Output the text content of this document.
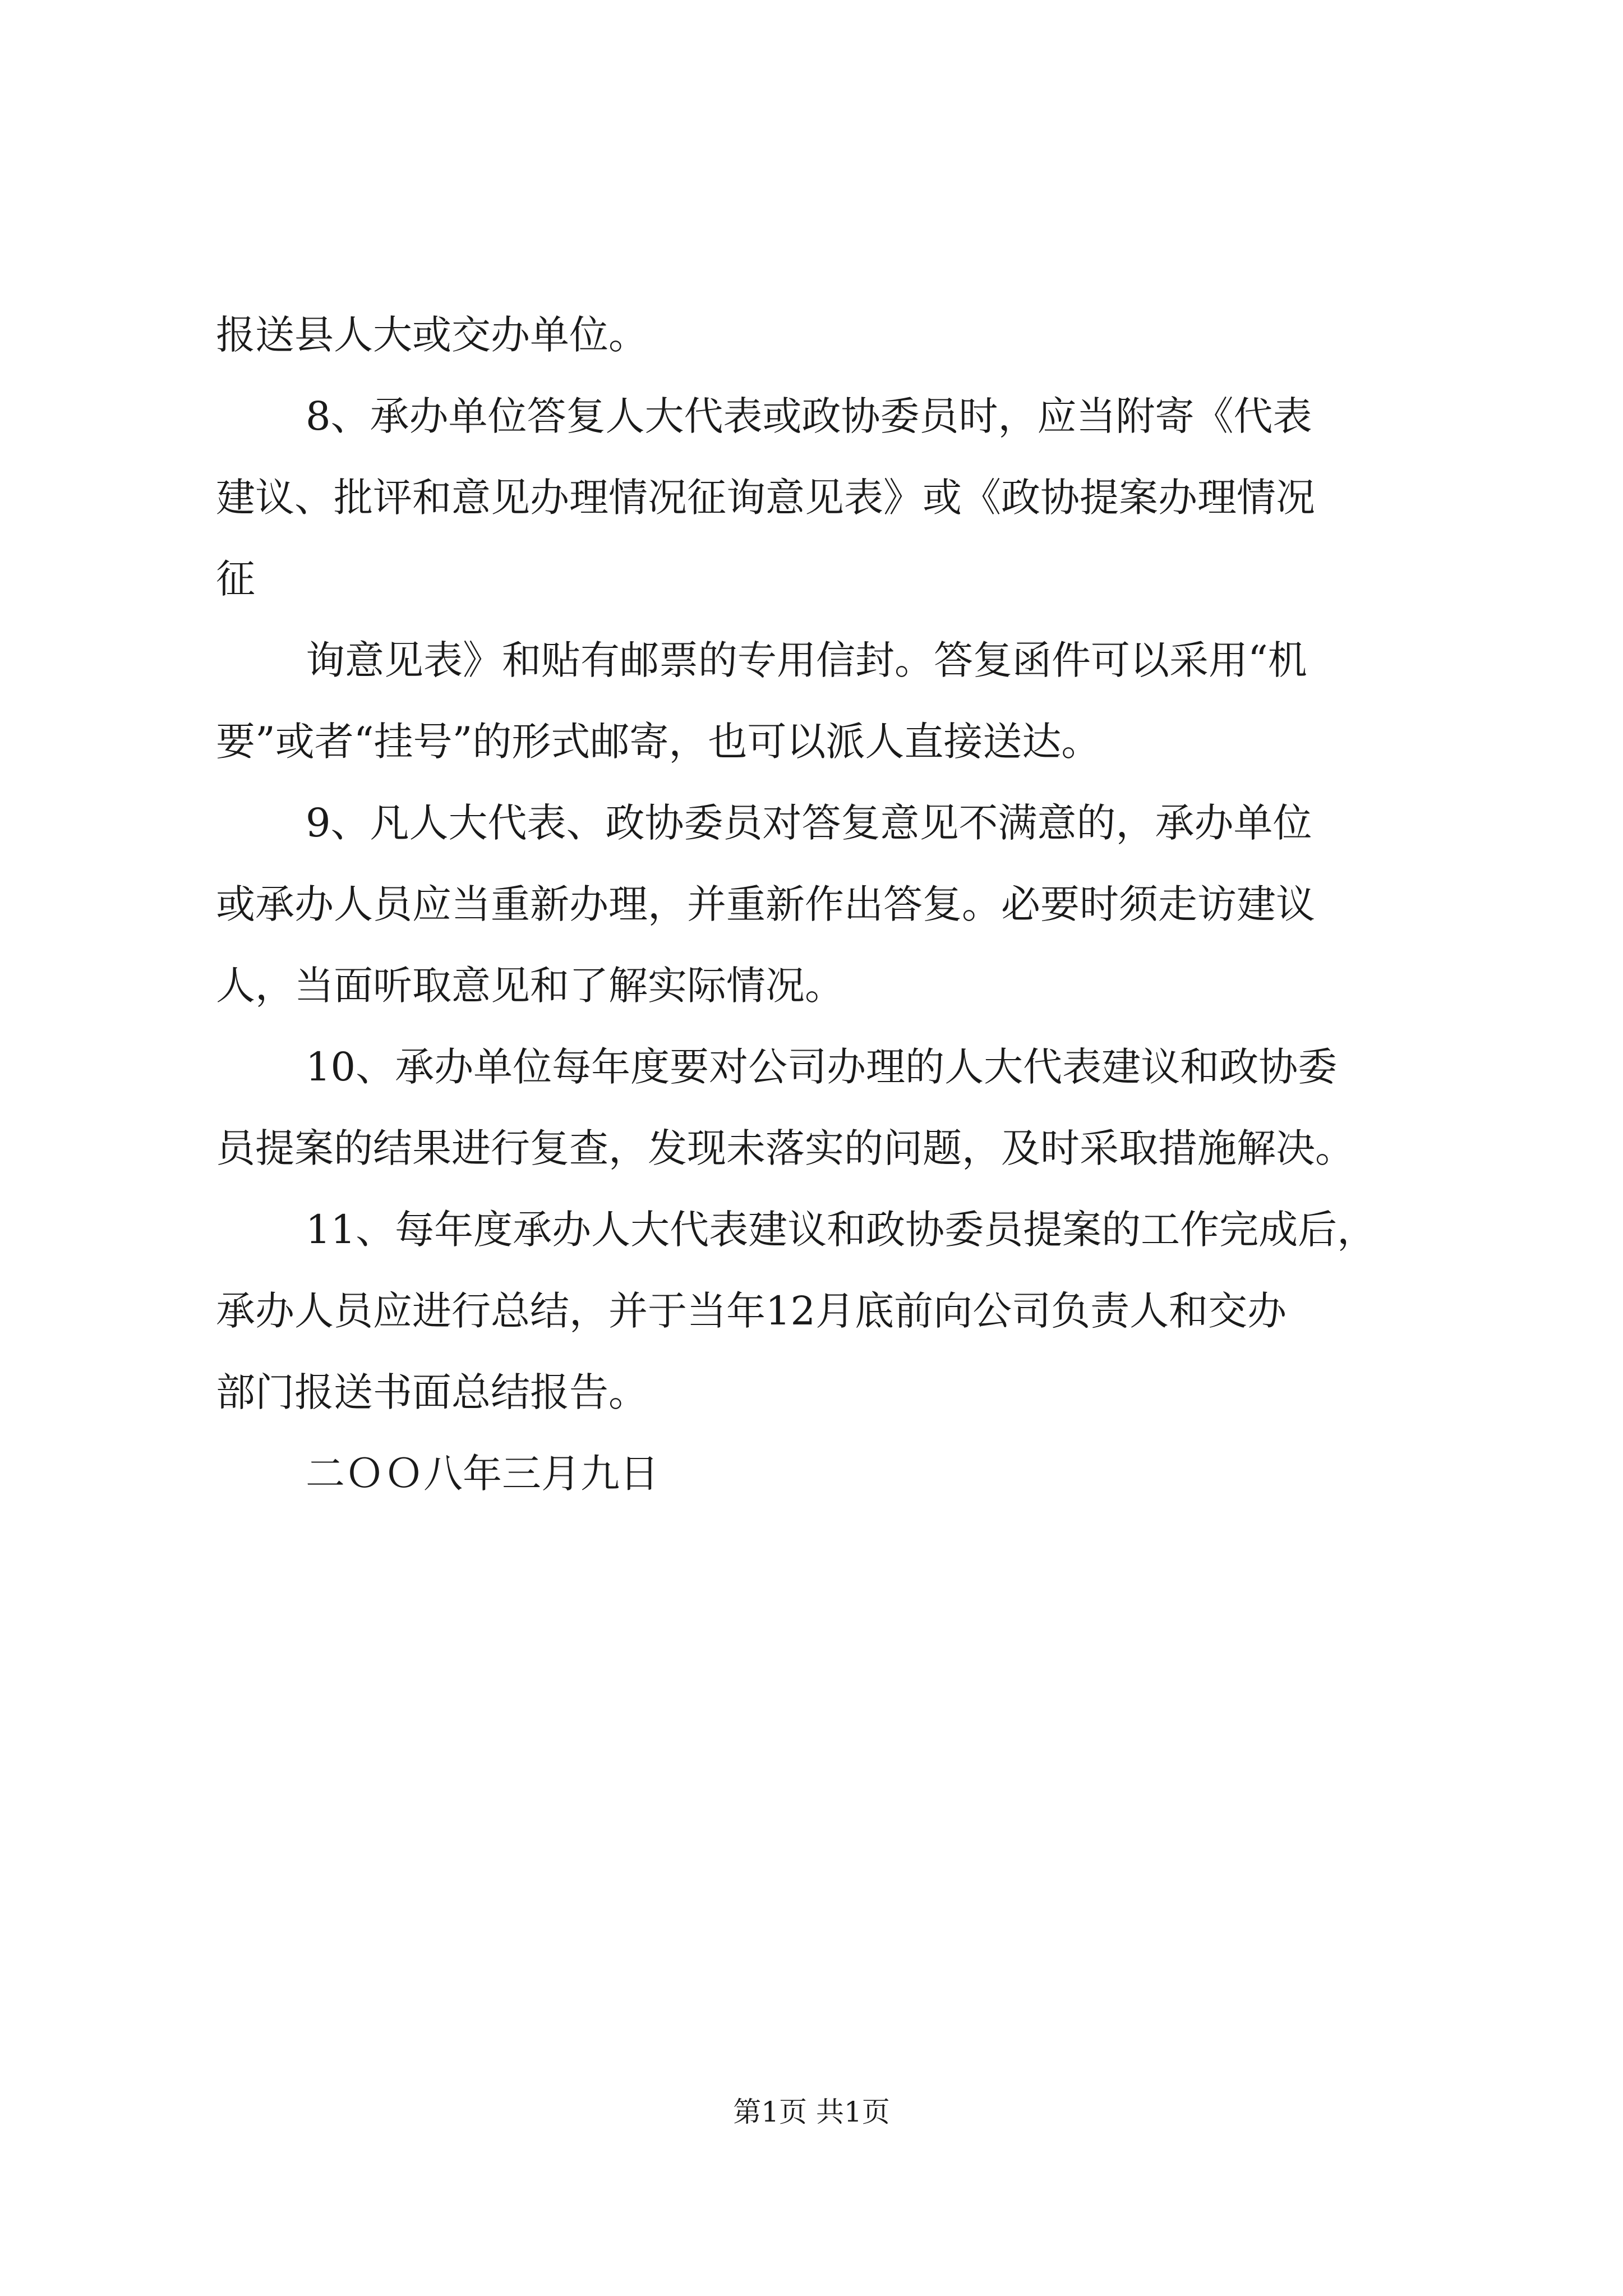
报送县人大或交办单位。
8、承办单位答复人大代表或政协委员时，应当附寄《代表
建议、批评和意见办理情况征询意见表》或《政协提案办理情况
征
询意见表》和贴有邮票的专用信封。答复函件可以采用“机
要”或者“挂号”的形式邮寄，也可以派人直接送达。
9、凡人大代表、政协委员对答复意见不满意的，承办单位
或承办人员应当重新办理，并重新作出答复。必要时须走访建议
人，当面听取意见和了解实际情况。
10、承办单位每年度要对公司办理的人大代表建议和政协委
员提案的结果进行复查，发现未落实的问题，及时采取措施解决。
11、每年度承办人大代表建议和政协委员提案的工作完成后，
承办人员应进行总结，并于当年12月底前向公司负责人和交办
部门报送书面总结报告。
二ＯＯ八年三月九日
第1页 共1页
